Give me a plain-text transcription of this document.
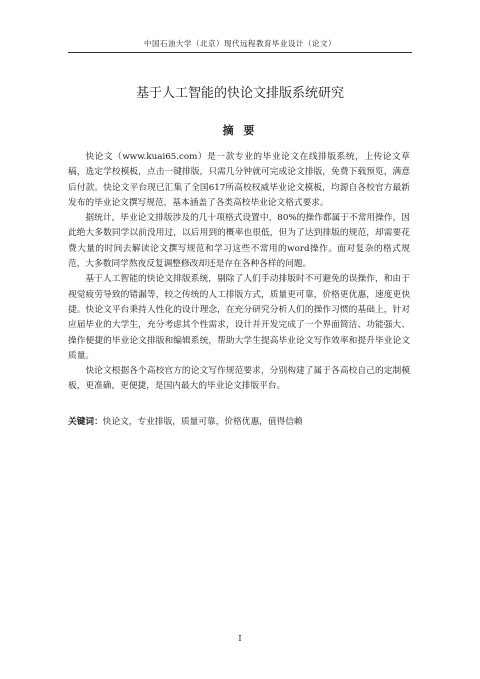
中国石油大学（北京）现代远程教育毕业设计（论文）
基于人工智能的快论文排版系统研究
摘 要

快论文（www.kuai65.com）是一款专业的毕业论文在线排版系统，上传论文草稿，选定学校模板，点击一键排版，只需几分钟就可完成论文排版，免费下载预览，满意后付款。快论文平台现已汇集了全国617所高校权威毕业论文模板，均源自各校官方最新发布的毕业论文撰写规范，基本涵盖了各类高校毕业论文格式要求。

据统计，毕业论文排版涉及的几十项格式设置中，80%的操作都属于不常用操作，因此绝大多数同学以前没用过，以后用到的概率也很低，但为了达到排版的规范，却需要花费大量的时间去解读论文撰写规范和学习这些不常用的word操作。面对复杂的格式规范，大多数同学熬夜反复调整修改却还是存在各种各样的问题。

基于人工智能的快论文排版系统，剔除了人们手动排版时不可避免的误操作，和由于视觉疲劳导致的错漏等，较之传统的人工排版方式，质量更可靠，价格更优惠，速度更快捷。快论文平台秉持人性化的设计理念，在充分研究分析人们的操作习惯的基础上，针对应届毕业的大学生，充分考虑其个性需求，设计并开发完成了一个界面简洁、功能强大、操作便捷的毕业论文排版和编辑系统，帮助大学生提高毕业论文写作效率和提升毕业论文质量。

快论文根据各个高校官方的论文写作规范要求，分别构建了属于各高校自己的定制模板，更准确，更便捷，是国内最大的毕业论文排版平台。

关键词：快论文，专业排版，质量可靠，价格优惠，值得信赖
I
